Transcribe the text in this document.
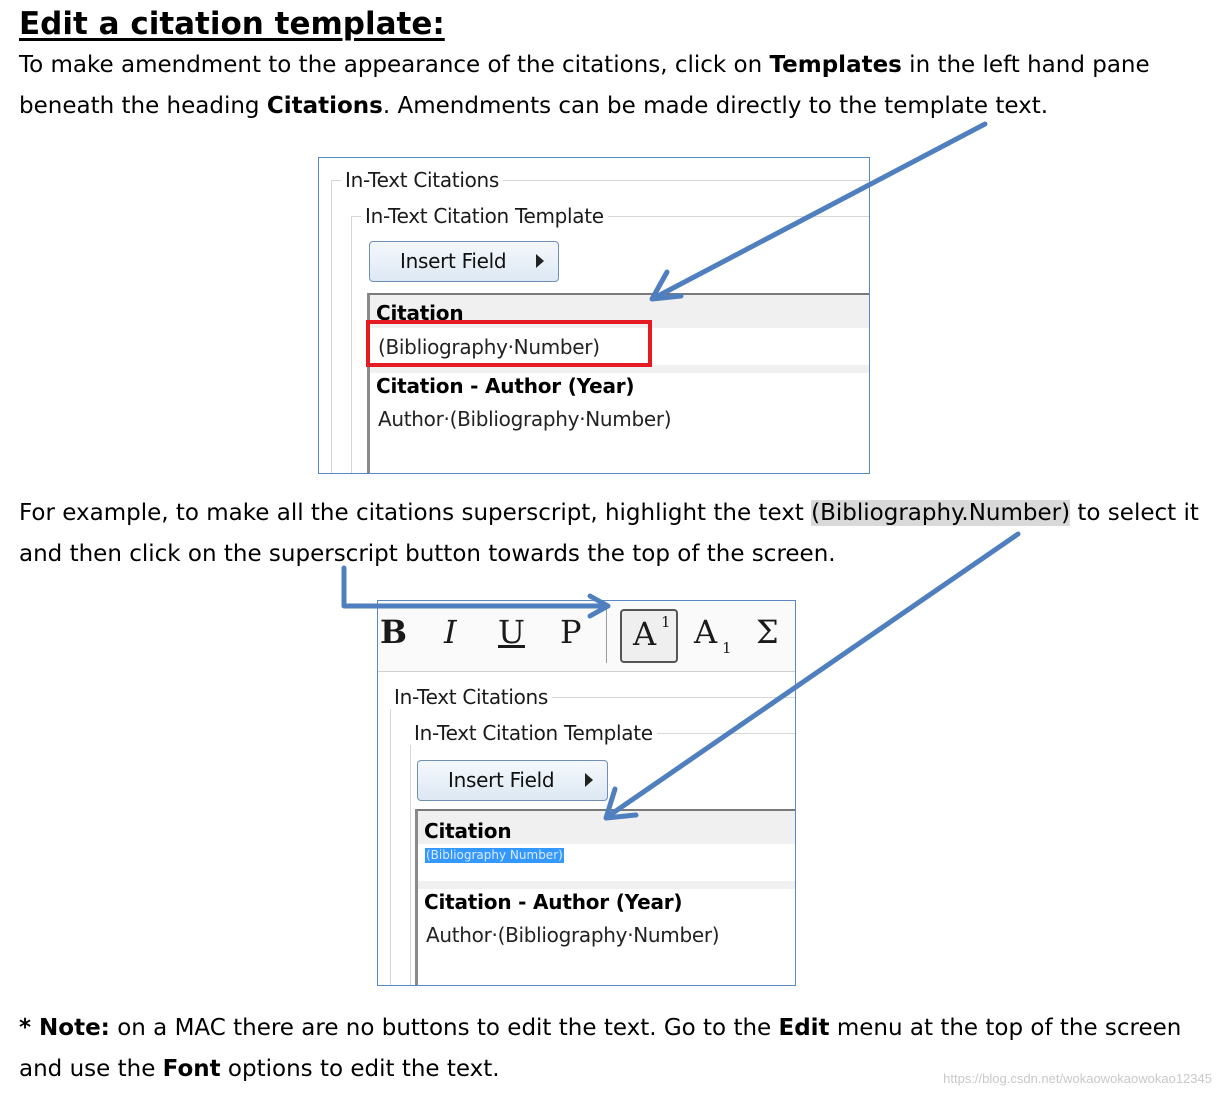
Edit a citation template:
To make amendment to the appearance of the citations, click on Templates in the left hand pane beneath the heading Citations. Amendments can be made directly to the template text.
In-Text Citations
In-Text Citation Template
Insert Field
Citation
(Bibliography·Number)
Citation - Author (Year)
Author·(Bibliography·Number)
For example, to make all the citations superscript, highlight the text (Bibliography.Number) to select it and then click on the superscript button towards the top of the screen.
B I U P A 1 A 1 Σ
In-Text Citations
In-Text Citation Template
Insert Field
Citation
(Bibliography Number)
Citation - Author (Year)
Author·(Bibliography·Number)
* Note: on a MAC there are no buttons to edit the text. Go to the Edit menu at the top of the screen and use the Font options to edit the text.	https://blog.csdn.net/wokaowokaowokao12345
